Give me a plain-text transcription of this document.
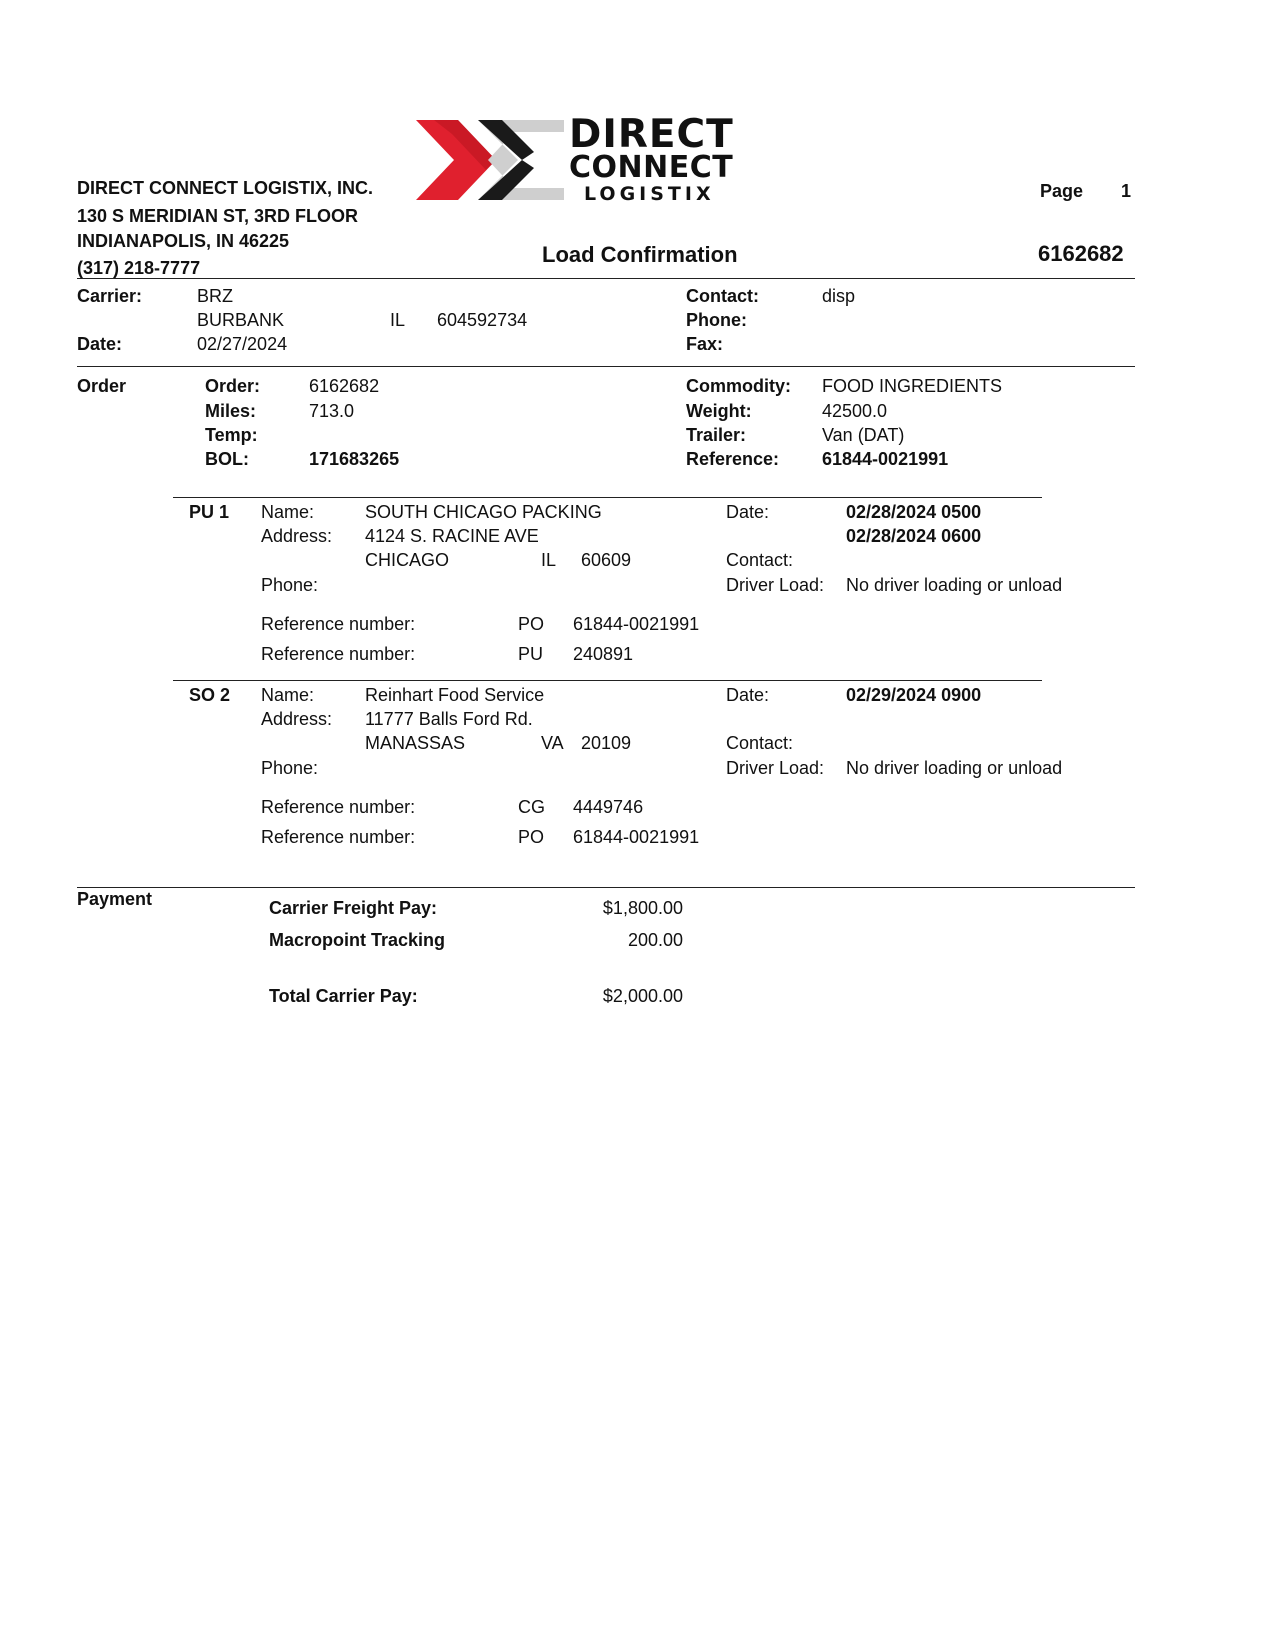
DIRECT
CONNECT
LOGISTIX
DIRECT CONNECT LOGISTIX, INC.
130 S MERIDIAN ST, 3RD FLOOR
INDIANAPOLIS, IN 46225
(317) 218-7777
Page 1
Load Confirmation	6162682
Carrier:	BRZ
BURBANK	IL 604592734
Date:	02/27/2024
Contact:	disp
Phone:
Fax:
Order	Order:	6162682
Miles:	713.0
Temp:
BOL:	171683265
Commodity: FOOD INGREDIENTS
Weight:	42500.0
Trailer:	Van (DAT)
Reference: 61844-0021991
PU 1 Name:	SOUTH CHICAGO PACKING
Address: 4124 S. RACINE AVE
CHICAGO	IL 60609
Phone:
Date:	02/28/2024 0500
02/28/2024 0600
Contact:
Driver Load: No driver loading or unload
Reference number:	PO 61844-0021991
Reference number:	PU 240891
SO 2 Name:	Reinhart Food Service
Address: 11777 Balls Ford Rd.
MANASSAS	VA 20109
Phone:
Date:	02/29/2024 0900
Contact:
Driver Load: No driver loading or unload
Reference number:	CG 4449746
Reference number:	PO 61844-0021991
Payment	Carrier Freight Pay:	$1,800.00
Macropoint Tracking	200.00
Total Carrier Pay:	$2,000.00
